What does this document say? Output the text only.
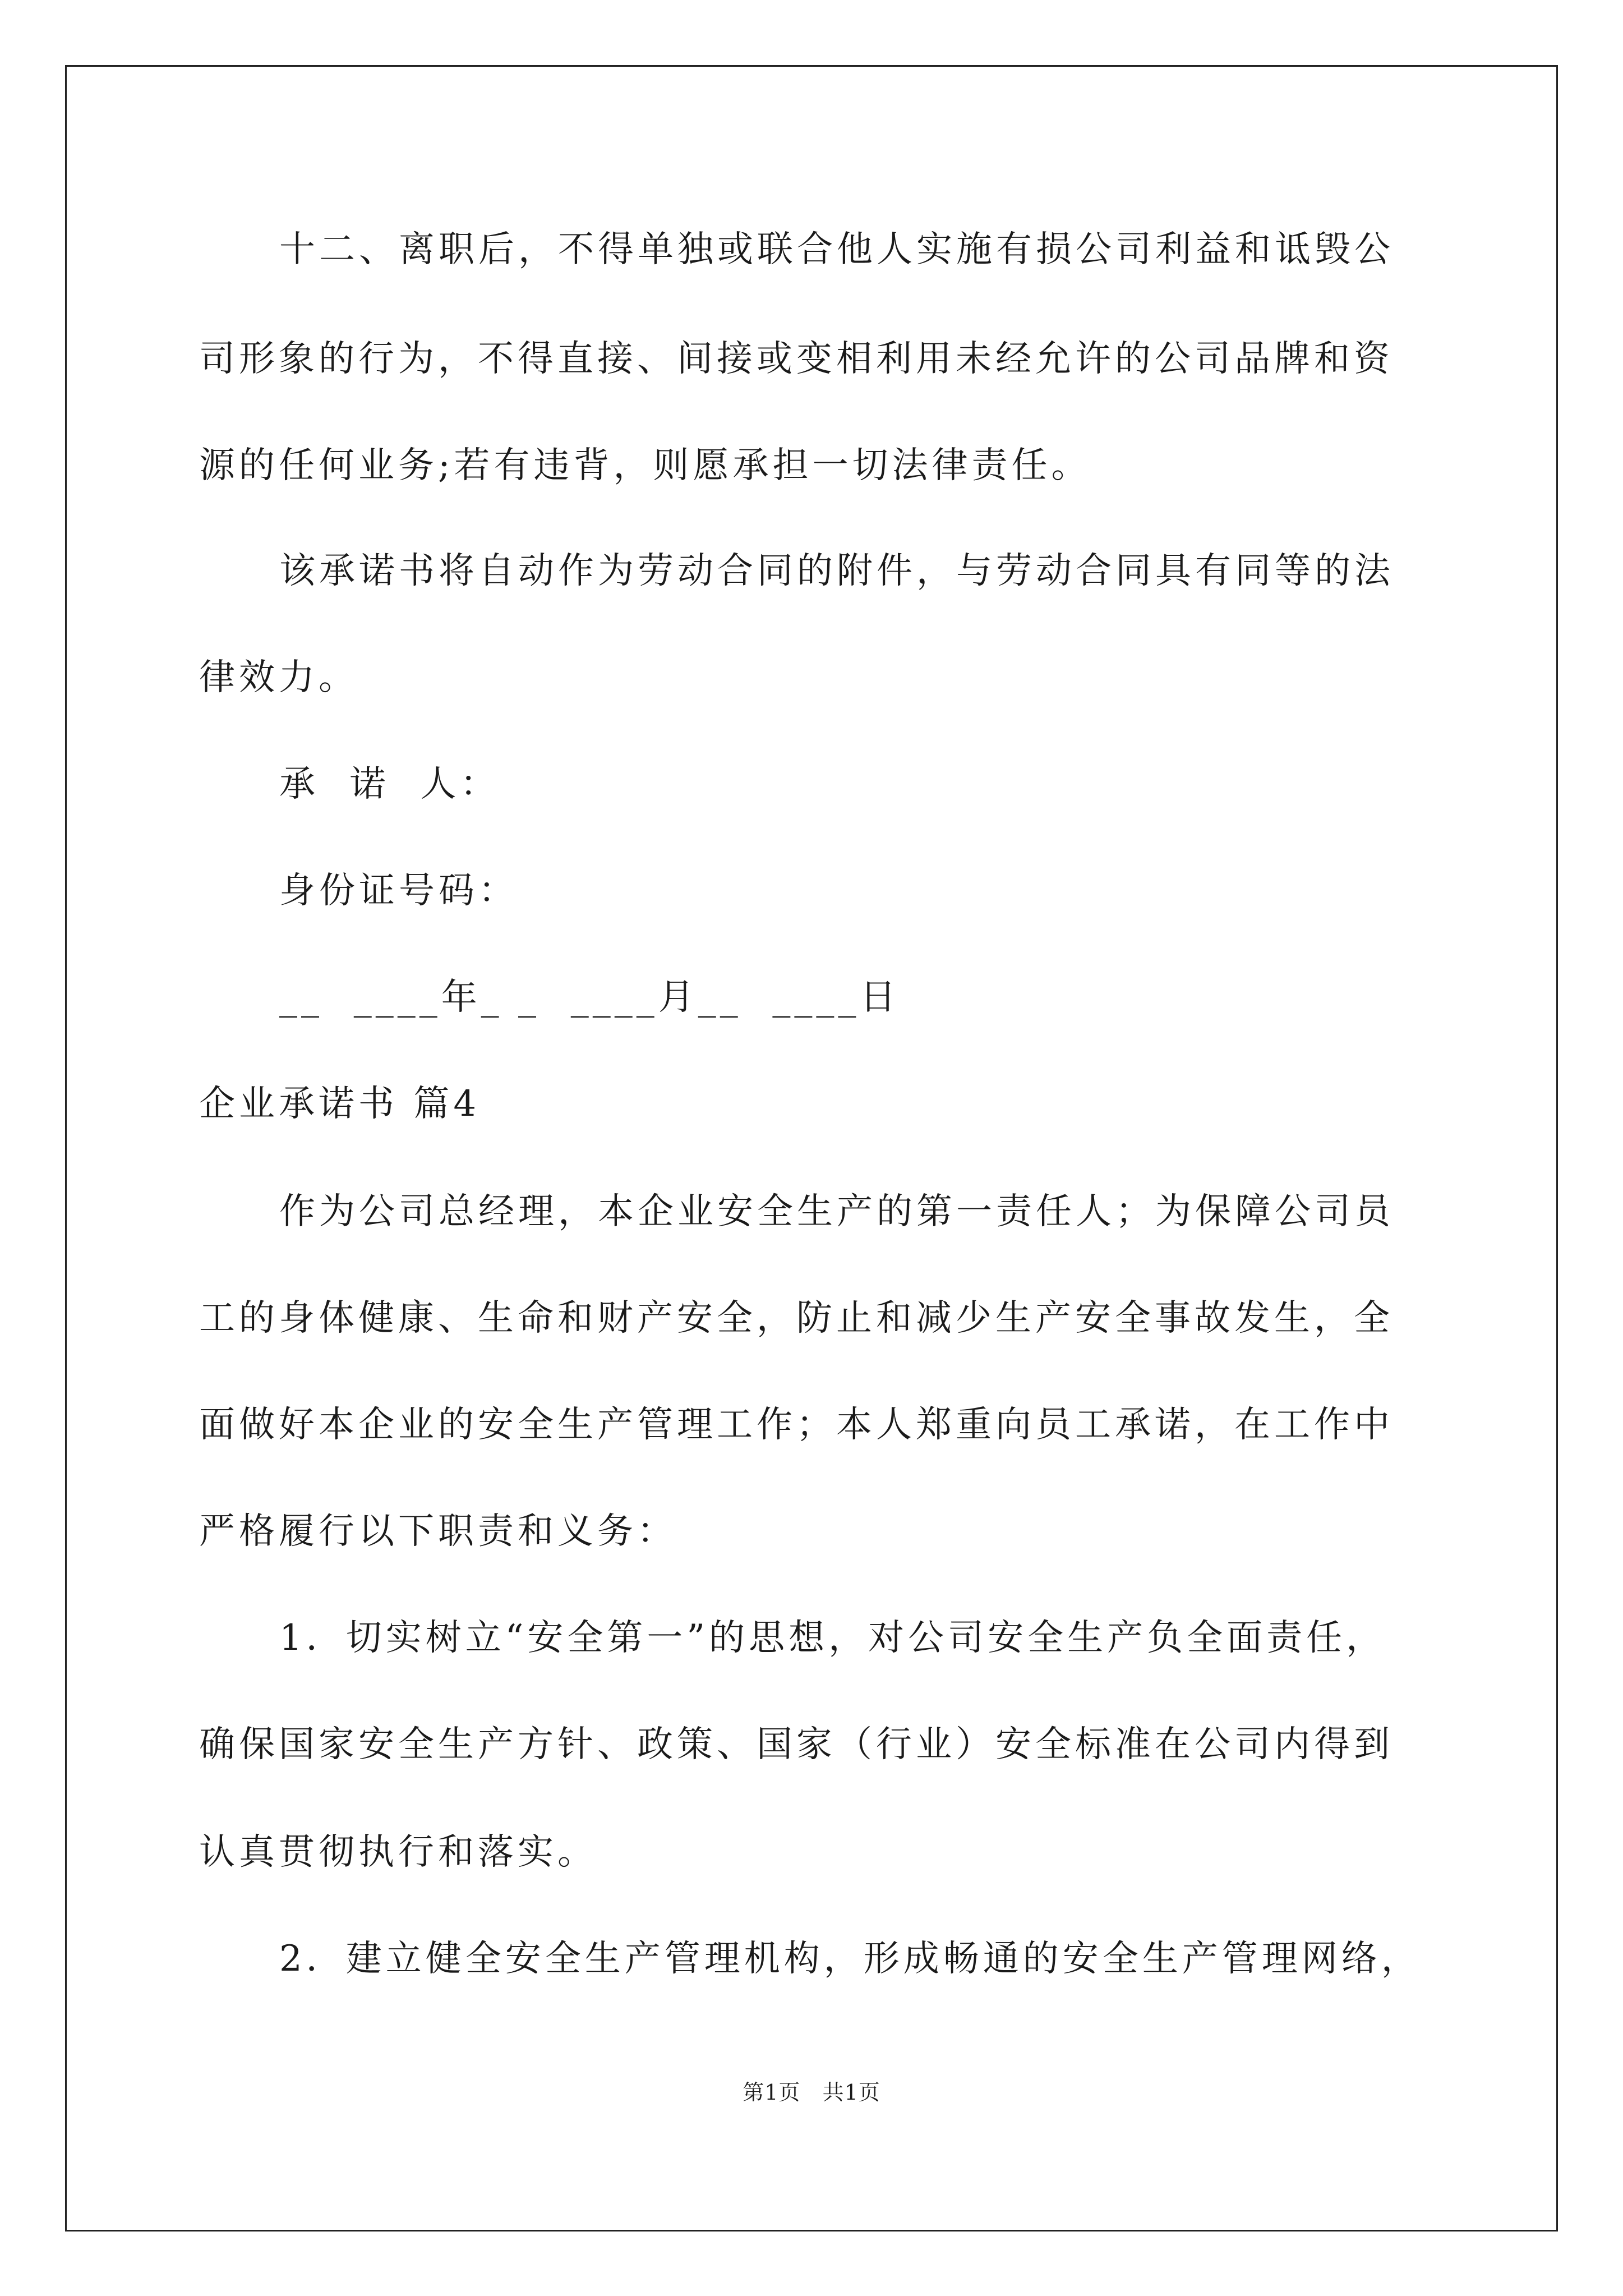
十二、离职后，不得单独或联合他人实施有损公司利益和诋毁公
司形象的行为，不得直接、间接或变相利用未经允许的公司品牌和资
源的任何业务;若有违背，则愿承担一切法律责任。
该承诺书将自动作为劳动合同的附件，与劳动合同具有同等的法
律效力。
承  诺  人：
身份证号码：
__  ____年_ _  ____月__  ____日
企业承诺书 篇4
作为公司总经理，本企业安全生产的第一责任人；为保障公司员
工的身体健康、生命和财产安全，防止和减少生产安全事故发生，全
面做好本企业的安全生产管理工作；本人郑重向员工承诺，在工作中
严格履行以下职责和义务：
1．切实树立“安全第一”的思想，对公司安全生产负全面责任，
确保国家安全生产方针、政策、国家（行业）安全标准在公司内得到
认真贯彻执行和落实。
2．建立健全安全生产管理机构，形成畅通的安全生产管理网络，
第1页   共1页
